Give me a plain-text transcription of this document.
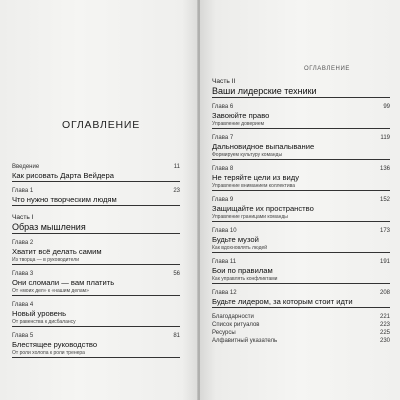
ОГЛАВЛЕНИЕ
Введение	11
Как рисовать Дарта Вейдера
Глава 1	23
Что нужно творческим людям
Часть I
Образ мышления
Глава 2
Хватит всё делать самим
Из творца — в руководители
Глава 3	56
Они сломали — вам платить
От «моих дел» к «нашим делам»
Глава 4
Новый уровень
От равенства к дисбалансу
Глава 5	81
Блестящее руководство
От роли холопа к роли тренера
ОГЛАВЛЕНИЕ
Часть II
Ваши лидерские техники
Глава 6	99
Завоюйте право
Управление доверием
Глава 7	119
Дальновидное выпалывание
Формируем культуру команды
Глава 8	136
Не теряйте цели из виду
Управление вниманием коллектива
Глава 9	152
Защищайте их пространство
Управление границами команды
Глава 10	173
Будьте музой
Как вдохновлять людей
Глава 11	191
Бои по правилам
Как управлять конфликтами
Глава 12	208
Будьте лидером, за которым стоит идти
Благодарности	221
Список ритуалов	223
Ресурсы	225
Алфавитный указатель	230
